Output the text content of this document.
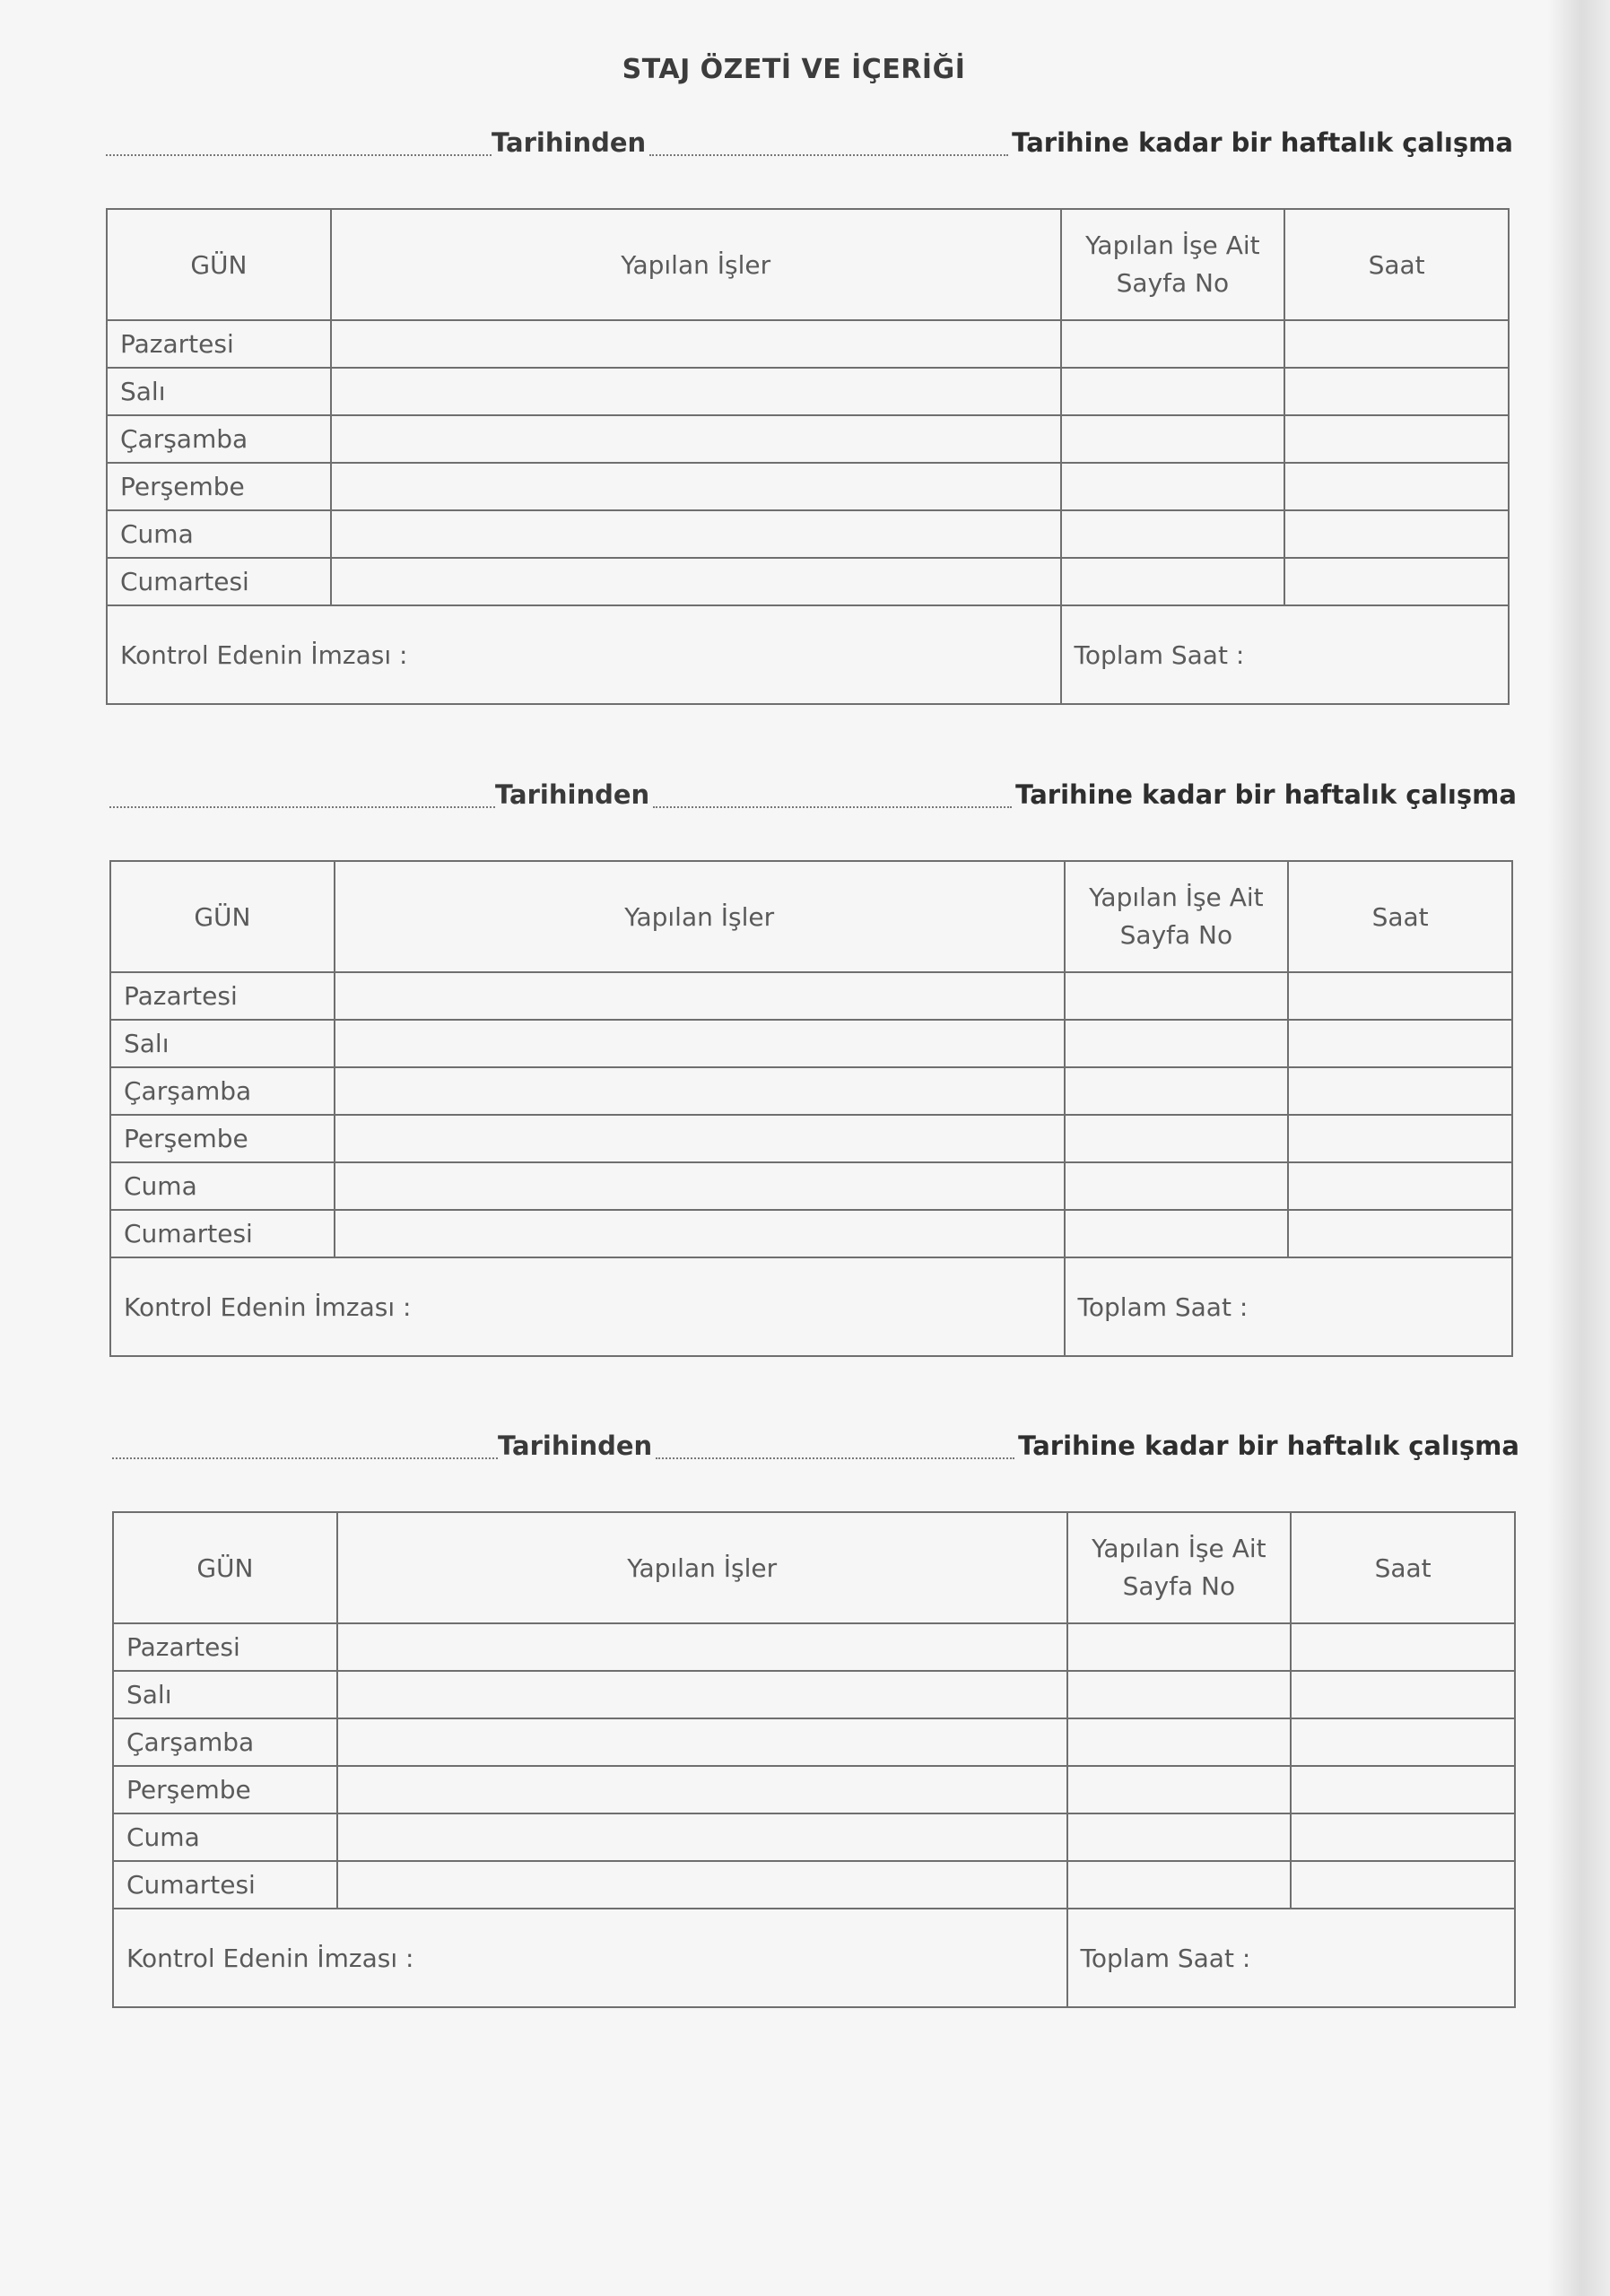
STAJ ÖZETİ VE İÇERİĞİ
Tarihinden	Tarihine kadar bir haftalık çalışma
GÜN	Yapılan İşler	Yapılan İşe Ait Sayfa No	Saat
Pazartesi			
Salı			
Çarşamba			
Perşembe			
Cuma			
Cumartesi			
Kontrol Edenin İmzası :		Toplam Saat :	
Tarihinden	Tarihine kadar bir haftalık çalışma
GÜN	Yapılan İşler	Yapılan İşe Ait Sayfa No	Saat
Pazartesi			
Salı			
Çarşamba			
Perşembe			
Cuma			
Cumartesi			
Kontrol Edenin İmzası :		Toplam Saat :	
Tarihinden	Tarihine kadar bir haftalık çalışma
GÜN	Yapılan İşler	Yapılan İşe Ait Sayfa No	Saat
Pazartesi			
Salı			
Çarşamba			
Perşembe			
Cuma			
Cumartesi			
Kontrol Edenin İmzası :		Toplam Saat :	
